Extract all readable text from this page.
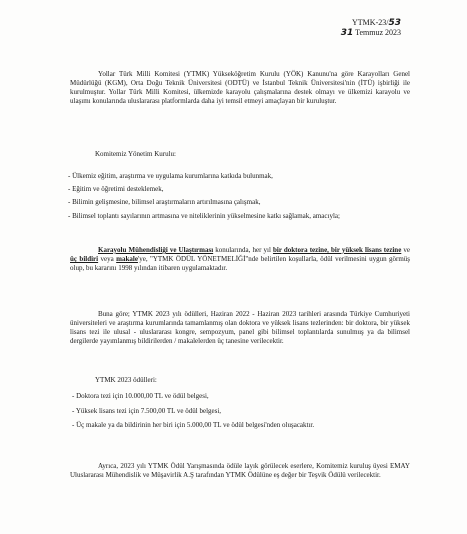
YTMK-23/53
31 Temmuz 2023
Yollar Türk Milli Komitesi (YTMK) Yükseköğretim Kurulu (YÖK) Kanunu'na göre Karayolları Genel Müdürlüğü (KGM), Orta Doğu Teknik Üniversitesi (ODTÜ) ve İstanbul Teknik Üniversitesi'nin (İTÜ) işbirliği ile kurulmuştur. Yollar Türk Milli Komitesi, ülkemizde karayolu çalışmalarına destek olmayı ve ülkemizi karayolu ve ulaşımı konularında uluslararası platformlarda daha iyi temsil etmeyi amaçlayan bir kuruluştur.
Komitemiz Yönetim Kurulu:
- Ülkemiz eğitim, araştırma ve uygulama kurumlarına katkıda bulunmak,
- Eğitim ve öğretimi desteklemek,
- Bilimin gelişmesine, bilimsel araştırmaların artırılmasına çalışmak,
- Bilimsel toplantı sayılarının artmasına ve niteliklerinin yükselmesine katkı sağlamak, amacıyla;
Karayolu Mühendisliği ve Ulaştırması konularında, her yıl bir doktora tezine, bir yüksek lisans tezine ve üç bildiri veya makale'ye, "YTMK ÖDÜL YÖNETMELİĞİ"nde belirtilen koşullarla, ödül verilmesini uygun görmüş olup, bu kararını 1998 yılından itibaren uygulamaktadır.
Buna göre; YTMK 2023 yılı ödülleri, Haziran 2022 - Haziran 2023 tarihleri arasında Türkiye Cumhuriyeti üniversiteleri ve araştırma kurumlarında tamamlanmış olan doktora ve yüksek lisans tezlerinden: bir doktora, bir yüksek lisans tezi ile ulusal - uluslararası kongre, sempozyum, panel gibi bilimsel toplantılarda sunulmuş ya da bilimsel dergilerde yayımlanmış bildirilerden / makalelerden üç tanesine verilecektir.
YTMK 2023 ödülleri:
- Doktora tezi için 10.000,00 TL ve ödül belgesi,
- Yüksek lisans tezi için 7.500,00 TL ve ödül belgesi,
- Üç makale ya da bildirinin her biri için 5.000,00 TL ve ödül belgesi'nden oluşacaktır.
Ayrıca, 2023 yılı YTMK Ödül Yarışmasında ödüle layık görülecek eserlere, Komitemiz kuruluş üyesi EMAY Uluslararası Mühendislik ve Müşavirlik A.Ş tarafından YTMK Ödülüne eş değer bir Teşvik Ödülü verilecektir.
